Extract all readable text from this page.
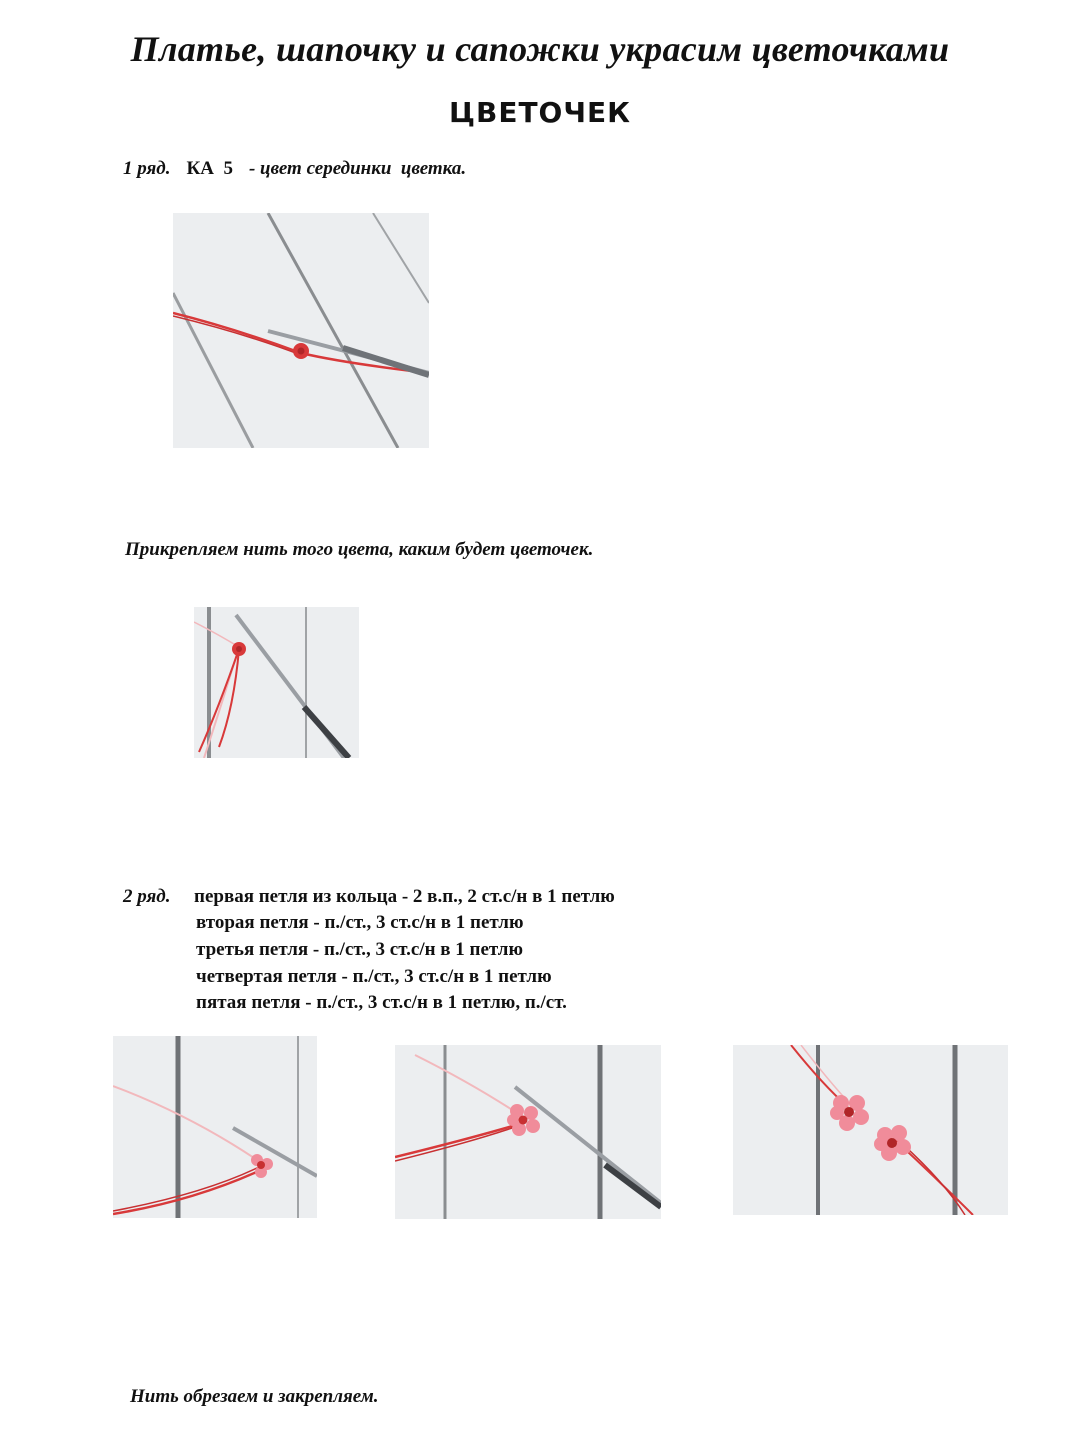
Платье, шапочку и сапожки украсим цветочками
ЦВЕТОЧЕК
1 ряд. КА  5 - цвет серединки  цветка.
Прикрепляем нить того цвета, каким будет цветочек.
2 ряд. первая петля из кольца - 2 в.п., 2 ст.с/н в 1 петлю
вторая петля - п./ст., 3 ст.с/н в 1 петлю
третья петля - п./ст., 3 ст.с/н в 1 петлю
четвертая петля - п./ст., 3 ст.с/н в 1 петлю
пятая петля - п./ст., 3 ст.с/н в 1 петлю, п./ст.
Нить обрезаем и закрепляем.
